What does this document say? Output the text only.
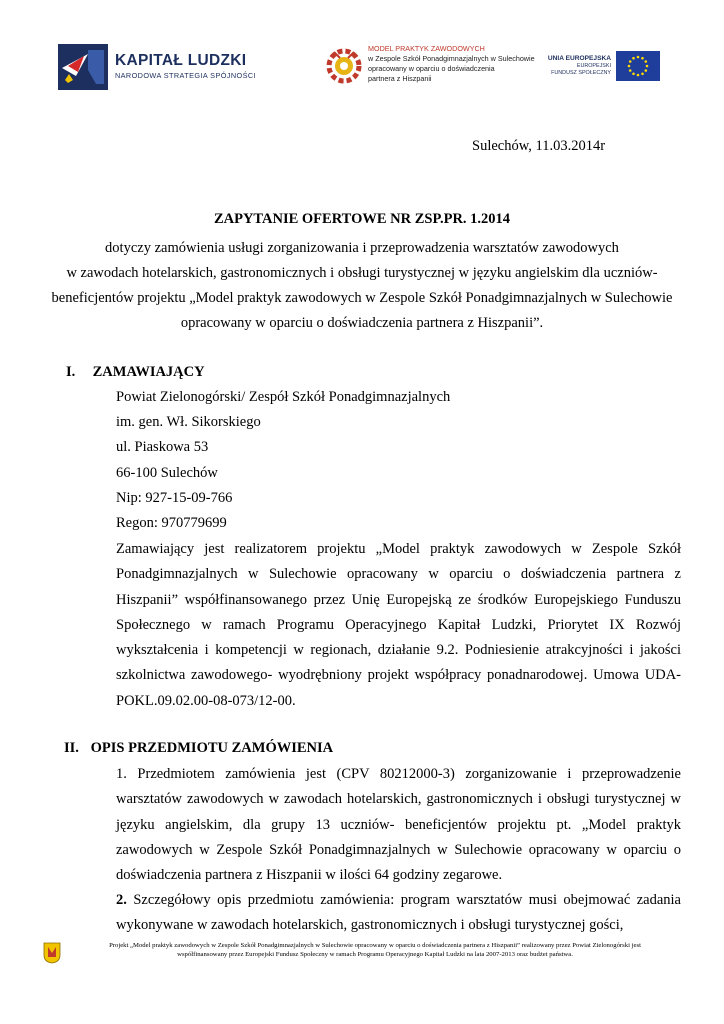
KAPITAŁ LUDZKI
NARODOWA STRATEGIA SPÓJNOŚCI
MODEL PRAKTYK ZAWODOWYCH
w Zespole Szkół Ponadgimnazjalnych w Sulechowie
opracowany w oparciu o doświadczenia
partnera z Hiszpanii
UNIA EUROPEJSKA
EUROPEJSKI
FUNDUSZ SPOŁECZNY
Sulechów, 11.03.2014r
ZAPYTANIE OFERTOWE NR ZSP.PR. 1.2014
dotyczy zamówienia usługi zorganizowania i przeprowadzenia warsztatów zawodowych
w zawodach hotelarskich, gastronomicznych i obsługi turystycznej w języku angielskim dla uczniów-
beneficjentów projektu „Model praktyk zawodowych w Zespole Szkół Ponadgimnazjalnych w Sulechowie
opracowany w oparciu o doświadczenia partnera z Hiszpanii”.
I. ZAMAWIAJĄCY
Powiat Zielonogórski/ Zespół Szkół Ponadgimnazjalnych
im. gen. Wł. Sikorskiego
ul. Piaskowa 53
66-100 Sulechów
Nip: 927-15-09-766
Regon: 970779699
Zamawiający jest realizatorem projektu „Model praktyk zawodowych w Zespole Szkół Ponadgimnazjalnych w Sulechowie opracowany w oparciu o doświadczenia partnera z Hiszpanii” współfinansowanego przez Unię Europejską ze środków Europejskiego Funduszu Społecznego w ramach Programu Operacyjnego Kapitał Ludzki, Priorytet IX Rozwój wykształcenia i kompetencji w regionach, działanie 9.2. Podniesienie atrakcyjności i jakości szkolnictwa zawodowego- wyodrębniony projekt współpracy ponadnarodowej. Umowa UDA-POKL.09.02.00-08-073/12-00.
II. OPIS PRZEDMIOTU ZAMÓWIENIA
1. Przedmiotem zamówienia jest (CPV 80212000-3) zorganizowanie i przeprowadzenie warsztatów zawodowych w zawodach hotelarskich, gastronomicznych i obsługi turystycznej w języku angielskim, dla grupy 13 uczniów- beneficjentów projektu pt. „Model praktyk zawodowych w Zespole Szkół Ponadgimnazjalnych w Sulechowie opracowany w oparciu o doświadczenia partnera z Hiszpanii w ilości 64 godziny zegarowe.
2. Szczegółowy opis przedmiotu zamówienia: program warsztatów musi obejmować zadania wykonywane w zawodach hotelarskich, gastronomicznych i obsługi turystycznej gości,
Projekt „Model praktyk zawodowych w Zespole Szkół Ponadgimnazjalnych w Sulechowie opracowany w oparciu o doświadczenia partnera z Hiszpanii” realizowany przez Powiat Zielonogórski jest
współfinansowany przez Europejski Fundusz Społeczny w ramach Programu Operacyjnego Kapitał Ludzki na lata 2007-2013 oraz budżet państwa.
